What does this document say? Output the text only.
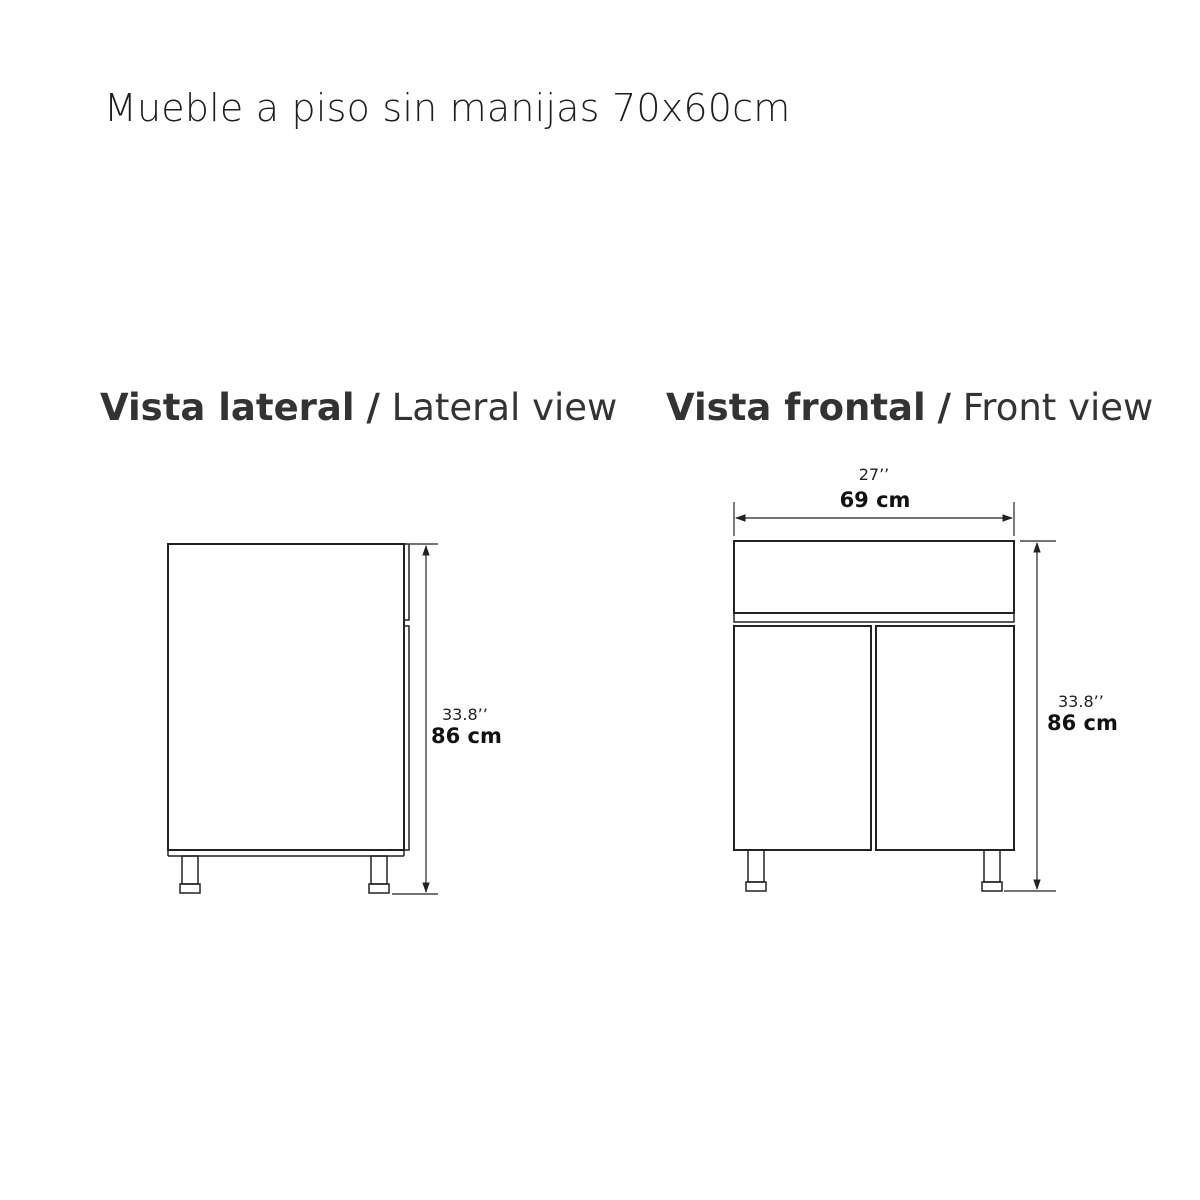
Mueble a piso sin manijas 70x60cm
Vista lateral / Lateral view Vista frontal / Front view
33.8’’
86 cm
27’’
69 cm
33.8’’
86 cm
